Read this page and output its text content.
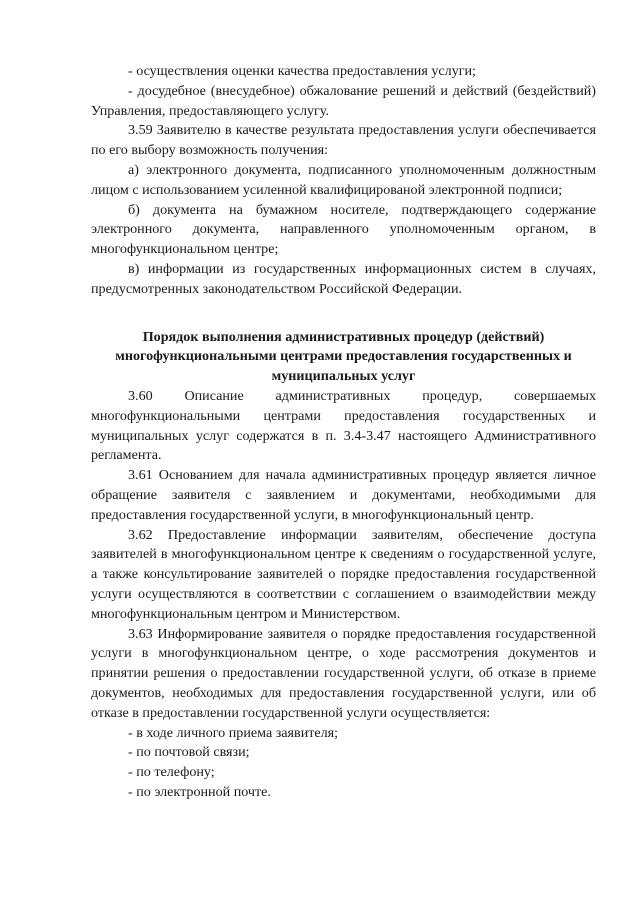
- осуществления оценки качества предоставления услуги;

- досудебное (внесудебное) обжалование решений и действий (бездействий) Управления, предоставляющего услугу.

3.59 Заявителю в качестве результата предоставления услуги обеспечивается по его выбору возможность получения:

а) электронного документа, подписанного уполномоченным должностным лицом с использованием усиленной квалифицированой электронной подписи;

б) документа на бумажном носителе, подтверждающего содержание электронного документа, направленного уполномоченным органом, в многофункциональном центре;

в) информации из государственных информационных систем в случаях, предусмотренных законодательством Российской Федерации.

Порядок выполнения административных процедур (действий) многофункциональными центрами предоставления государственных и муниципальных услуг

3.60 Описание административных процедур, совершаемых многофункциональными центрами предоставления государственных и муниципальных услуг содержатся в п. 3.4-3.47 настоящего Административного регламента.

3.61 Основанием для начала административных процедур является личное обращение заявителя с заявлением и документами, необходимыми для предоставления государственной услуги, в многофункциональный центр.

3.62 Предоставление информации заявителям, обеспечение доступа заявителей в многофункциональном центре к сведениям о государственной услуге, а также консультирование заявителей о порядке предоставления государственной услуги осуществляются в соответствии с соглашением о взаимодействии между многофункциональным центром и Министерством.

3.63 Информирование заявителя о порядке предоставления государственной услуги в многофункциональном центре, о ходе рассмотрения документов и принятии решения о предоставлении государственной услуги, об отказе в приеме документов, необходимых для предоставления государственной услуги, или об отказе в предоставлении государственной услуги осуществляется:

- в ходе личного приема заявителя;

- по почтовой связи;

- по телефону;

- по электронной почте.
